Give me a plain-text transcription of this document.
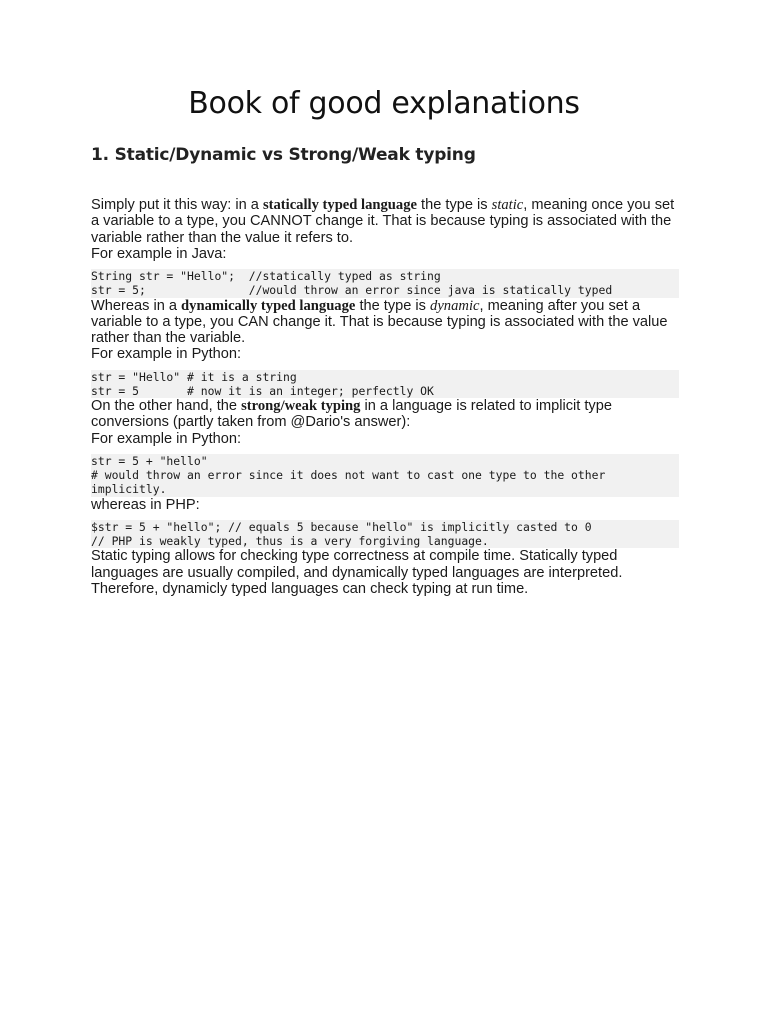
Book of good explanations
1. Static/Dynamic vs Strong/Weak typing

Simply put it this way: in a statically typed language the type is static, meaning once you set a variable to a type, you CANNOT change it. That is because typing is associated with the variable rather than the value it refers to.

For example in Java:

String str = "Hello";  //statically typed as string
str = 5;               //would throw an error since java is statically typed

Whereas in a dynamically typed language the type is dynamic, meaning after you set a variable to a type, you CAN change it. That is because typing is associated with the value rather than the variable.

For example in Python:

str = "Hello" # it is a string
str = 5       # now it is an integer; perfectly OK

On the other hand, the strong/weak typing in a language is related to implicit type conversions (partly taken from @Dario's answer):

For example in Python:

str = 5 + "hello"
# would throw an error since it does not want to cast one type to the other
implicitly.

whereas in PHP:

$str = 5 + "hello"; // equals 5 because "hello" is implicitly casted to 0
// PHP is weakly typed, thus is a very forgiving language.

Static typing allows for checking type correctness at compile time. Statically typed languages are usually compiled, and dynamically typed languages are interpreted. Therefore, dynamicly typed languages can check typing at run time.
